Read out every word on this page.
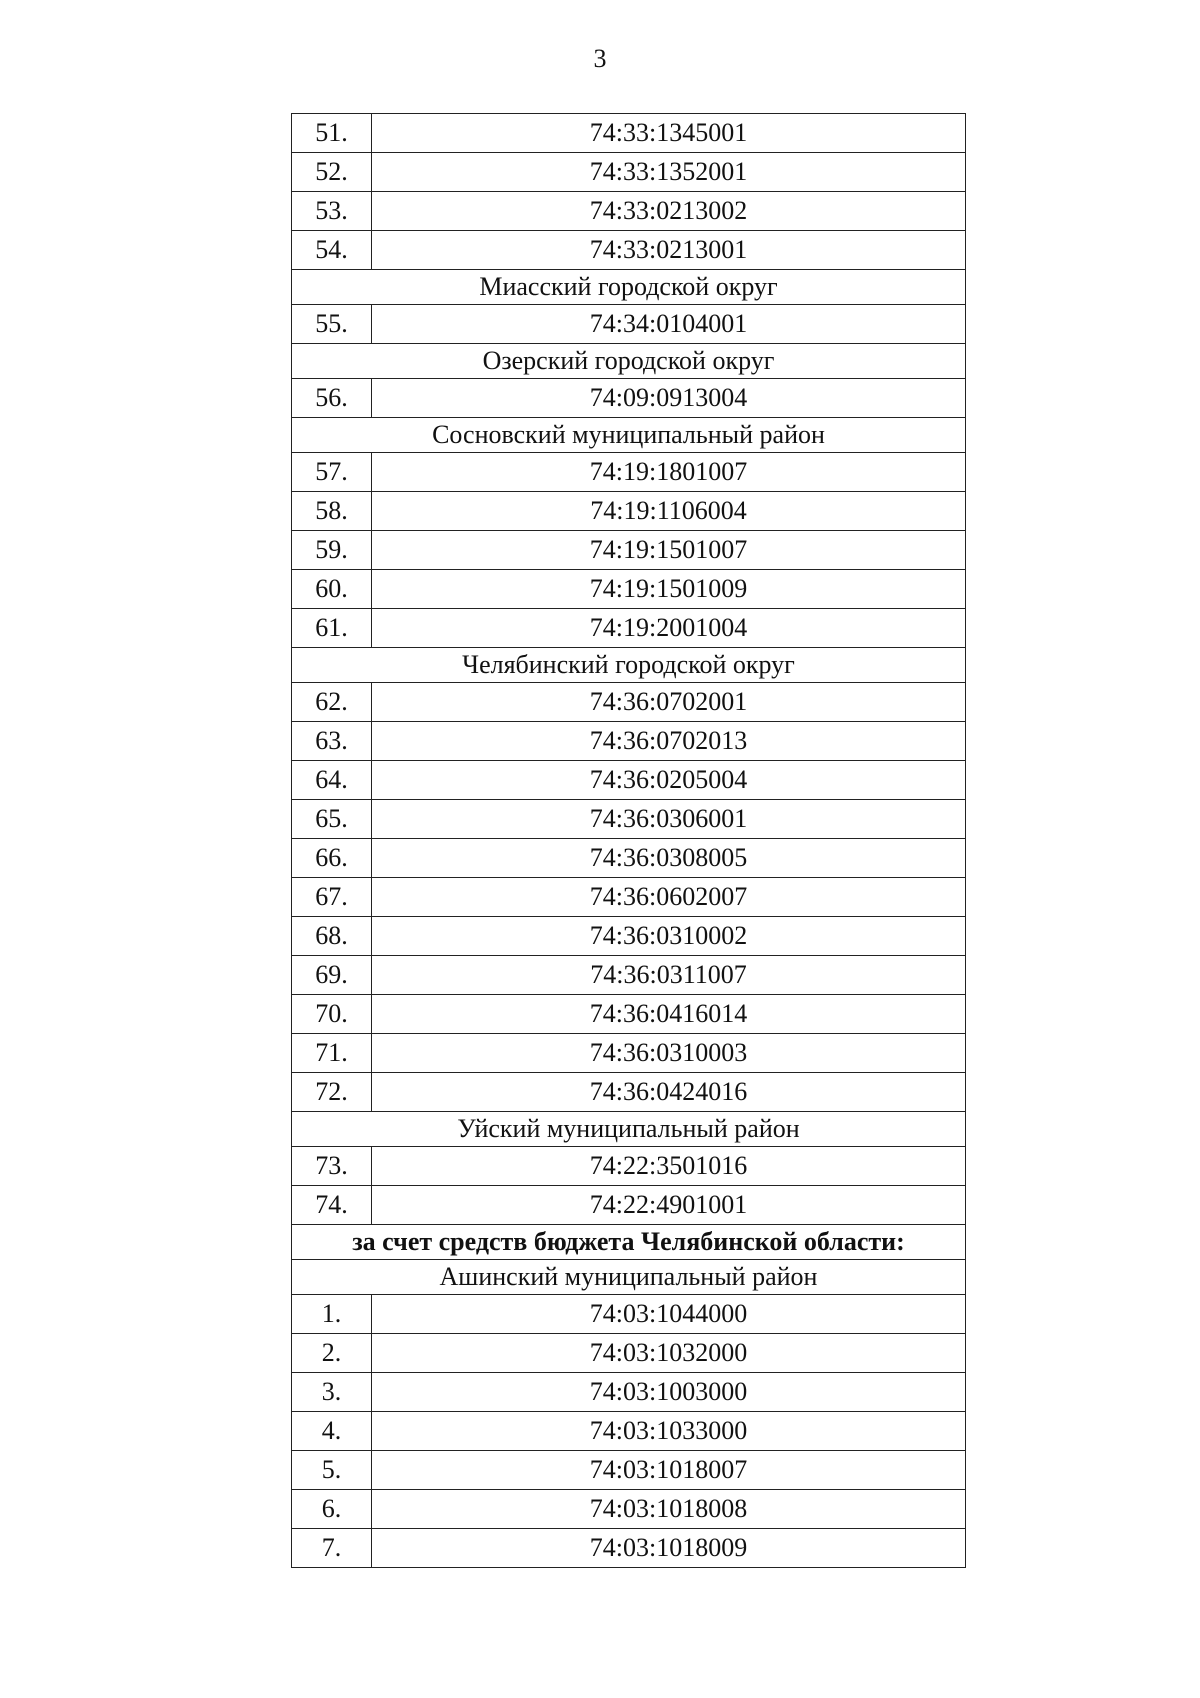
3
51.	74:33:1345001
52.	74:33:1352001
53.	74:33:0213002
54.	74:33:0213001
Миасский городской округ	
55.	74:34:0104001
Озерский городской округ	
56.	74:09:0913004
Сосновский муниципальный район	
57.	74:19:1801007
58.	74:19:1106004
59.	74:19:1501007
60.	74:19:1501009
61.	74:19:2001004
Челябинский городской округ	
62.	74:36:0702001
63.	74:36:0702013
64.	74:36:0205004
65.	74:36:0306001
66.	74:36:0308005
67.	74:36:0602007
68.	74:36:0310002
69.	74:36:0311007
70.	74:36:0416014
71.	74:36:0310003
72.	74:36:0424016
Уйский муниципальный район	
73.	74:22:3501016
74.	74:22:4901001
за счет средств бюджета Челябинской области:	
Ашинский муниципальный район	
1.	74:03:1044000
2.	74:03:1032000
3.	74:03:1003000
4.	74:03:1033000
5.	74:03:1018007
6.	74:03:1018008
7.	74:03:1018009
